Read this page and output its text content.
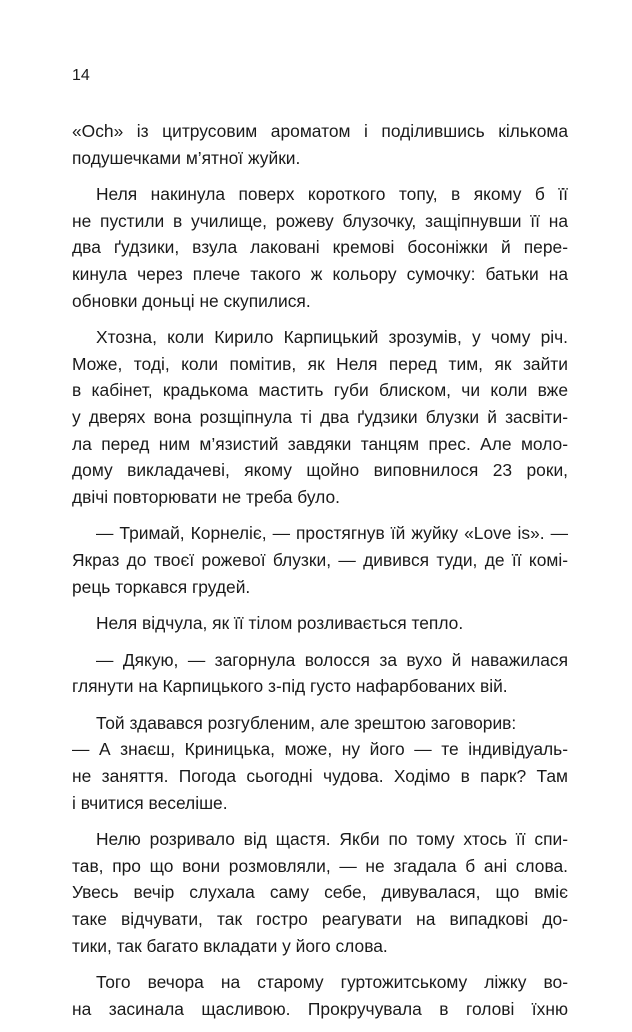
14
«Och» із цитрусовим ароматом і поділившись кількома
подушечками м’ятної жуйки.
Неля накинула поверх короткого топу, в якому б її
не пустили в училище, рожеву блузочку, защіпнувши її на
два ґудзики, взула лаковані кремові босоніжки й пере-
кинула через плече такого ж кольору сумочку: батьки на
обновки доньці не скупилися.
Хтозна, коли Кирило Карпицький зрозумів, у чому річ.
Може, тоді, коли помітив, як Неля перед тим, як зайти
в кабінет, крадькома мастить губи блиском, чи коли вже
у дверях вона розщіпнула ті два ґудзики блузки й засвіти-
ла перед ним м’язистий завдяки танцям прес. Але моло-
дому викладачеві, якому щойно виповнилося 23 роки,
двічі повторювати не треба було.
— Тримай, Корнеліє, — простягнув їй жуйку «Love is». —
Якраз до твоєї рожевої блузки, — дивився туди, де її комі-
рець торкався грудей.
Неля відчула, як її тілом розливається тепло.
— Дякую, — загорнула волосся за вухо й наважилася
глянути на Карпицького з-під густо нафарбованих вій.
Той здавався розгубленим, але зрештою заговорив:
— А знаєш, Криницька, може, ну його — те індивідуаль-
не заняття. Погода сьогодні чудова. Ходімо в парк? Там
і вчитися веселіше.
Нелю розривало від щастя. Якби по тому хтось її спи-
тав, про що вони розмовляли, — не згадала б ані слова.
Увесь вечір слухала саму себе, дивувалася, що вміє
таке відчувати, так гостро реагувати на випадкові до-
тики, так багато вкладати у його слова.
Того вечора на старому гуртожитському ліжку во-
на засинала щасливою. Прокручувала в голові їхню
